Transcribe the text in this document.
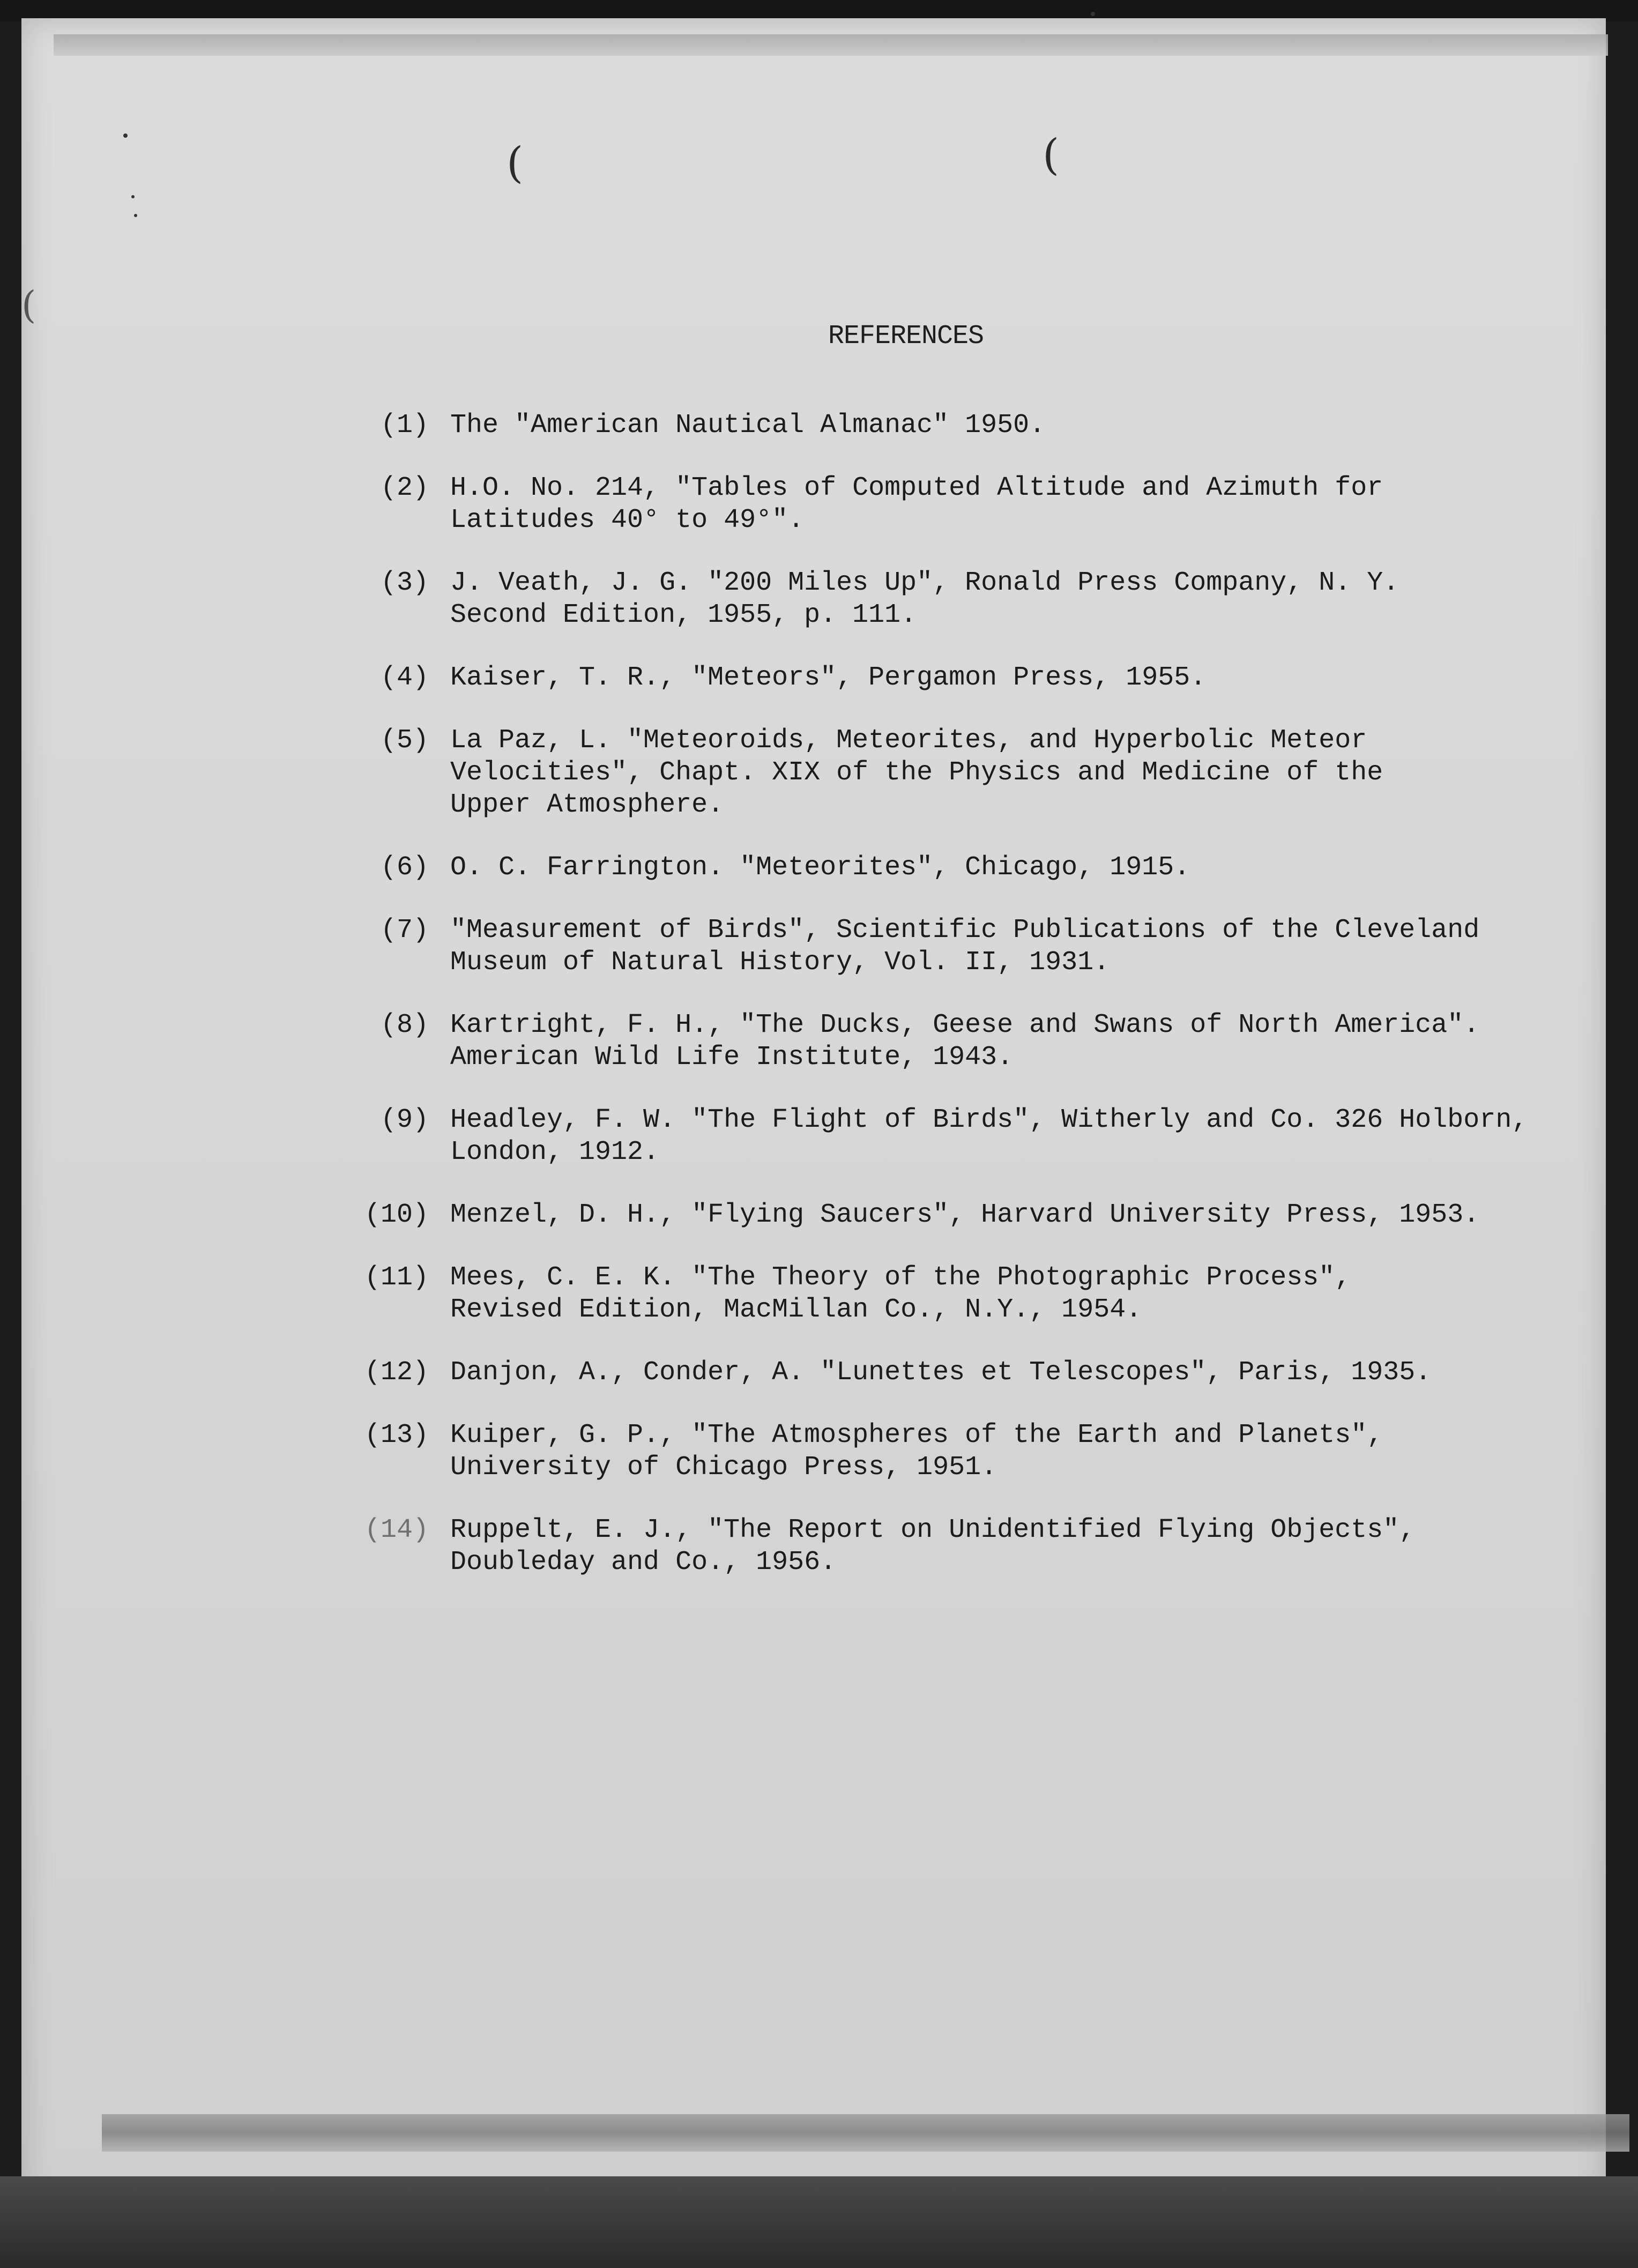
(	(
(
REFERENCES
(1) The "American Nautical Almanac" 1950.
(2) H.O. No. 214, "Tables of Computed Altitude and Azimuth for
Latitudes 40° to 49°".
(3) J. Veath, J. G. "200 Miles Up", Ronald Press Company, N. Y.
Second Edition, 1955, p. 111.
(4) Kaiser, T. R., "Meteors", Pergamon Press, 1955.
(5) La Paz, L. "Meteoroids, Meteorites, and Hyperbolic Meteor
Velocities", Chapt. XIX of the Physics and Medicine of the
Upper Atmosphere.
(6) O. C. Farrington. "Meteorites", Chicago, 1915.
(7) "Measurement of Birds", Scientific Publications of the Cleveland
Museum of Natural History, Vol. II, 1931.
(8) Kartright, F. H., "The Ducks, Geese and Swans of North America".
American Wild Life Institute, 1943.
(9) Headley, F. W. "The Flight of Birds", Witherly and Co. 326 Holborn,
London, 1912.
(10) Menzel, D. H., "Flying Saucers", Harvard University Press, 1953.
(11) Mees, C. E. K. "The Theory of the Photographic Process",
Revised Edition, MacMillan Co., N.Y., 1954.
(12) Danjon, A., Conder, A. "Lunettes et Telescopes", Paris, 1935.
(13) Kuiper, G. P., "The Atmospheres of the Earth and Planets",
University of Chicago Press, 1951.
(14) Ruppelt, E. J., "The Report on Unidentified Flying Objects",
Doubleday and Co., 1956.
